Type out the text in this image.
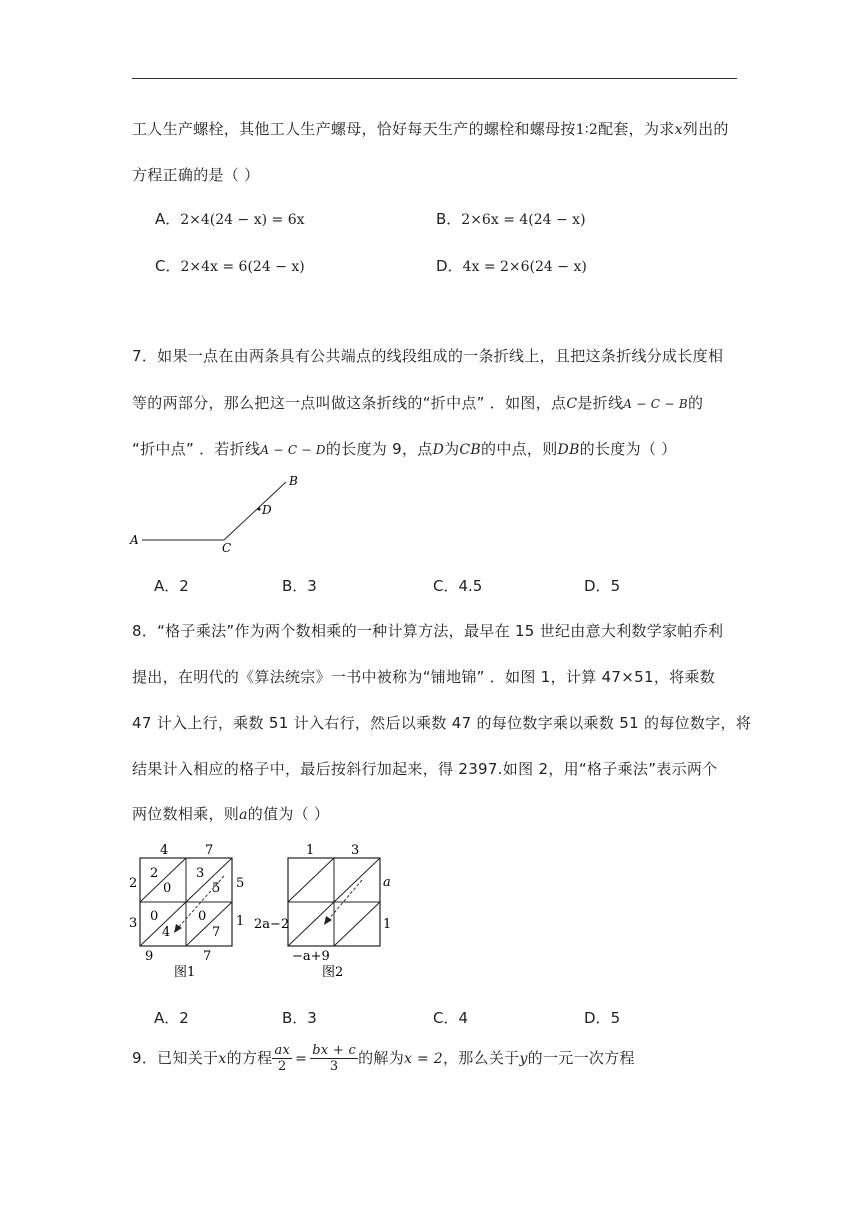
工人生产螺栓，其他工人生产螺母，恰好每天生产的螺栓和螺母按1∶2配套，为求x列出的
方程正确的是（ ）
A．2×4(24 − x) = 6x	B．2×6x = 4(24 − x)
C．2×4x = 6(24 − x)	D．4x = 2×6(24 − x)
7．如果一点在由两条具有公共端点的线段组成的一条折线上，且把这条折线分成长度相
等的两部分，那么把这一点叫做这条折线的“折中点” ．如图，点C是折线A − C − B的
“折中点” ．若折线A − C − D的长度为 9，点D为CB的中点，则DB的长度为（ ）
A
C
D
B
A．2	B．3	C．4.5	D．5
8．“格子乘法”作为两个数相乘的一种计算方法，最早在 15 世纪由意大利数学家帕乔利
提出，在明代的《算法统宗》一书中被称为“铺地锦” ．如图 1，计算 47×51，将乘数
47 计入上行，乘数 51 计入右行，然后以乘数 47 的每位数字乘以乘数 51 的每位数字，将
结果计入相应的格子中，最后按斜行加起来，得 2397.如图 2，用“格子乘法”表示两个
两位数相乘，则a的值为（ ）
4	7
5
1
2
3
9	7
2
0
3
5
0
4
0
7
图1
1	3
a
1
2a−2
−a+9
图2
A．2	B．3	C．4	D．5
9．已知关于x的方程 $\frac{ax}{2} = \frac{bx + c}{3}$ 的解为x = 2，那么关于y的一元一次方程
